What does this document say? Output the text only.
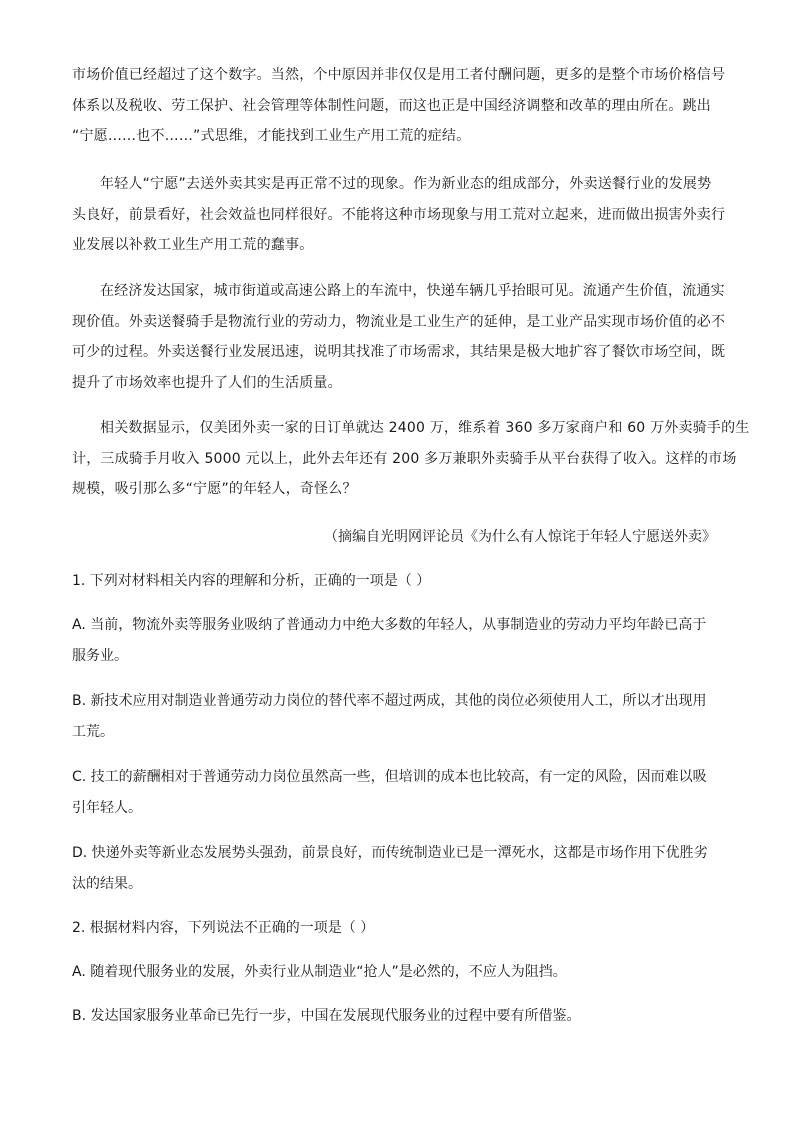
市场价值已经超过了这个数字。当然，个中原因并非仅仅是用工者付酬问题，更多的是整个市场价格信号
体系以及税收、劳工保护、社会管理等体制性问题，而这也正是中国经济调整和改革的理由所在。跳出
“宁愿……也不……”式思维，才能找到工业生产用工荒的症结。

年轻人“宁愿”去送外卖其实是再正常不过的现象。作为新业态的组成部分，外卖送餐行业的发展势
头良好，前景看好，社会效益也同样很好。不能将这种市场现象与用工荒对立起来，进而做出损害外卖行
业发展以补救工业生产用工荒的蠢事。

在经济发达国家，城市街道或高速公路上的车流中，快递车辆几乎抬眼可见。流通产生价值，流通实
现价值。外卖送餐骑手是物流行业的劳动力，物流业是工业生产的延伸，是工业产品实现市场价值的必不
可少的过程。外卖送餐行业发展迅速，说明其找准了市场需求，其结果是极大地扩容了餐饮市场空间，既
提升了市场效率也提升了人们的生活质量。

相关数据显示，仅美团外卖一家的日订单就达 2400 万，维系着 360 多万家商户和 60 万外卖骑手的生
计，三成骑手月收入 5000 元以上，此外去年还有 200 多万兼职外卖骑手从平台获得了收入。这样的市场
规模，吸引那么多“宁愿”的年轻人，奇怪么？

（摘编自光明网评论员《为什么有人惊诧于年轻人宁愿送外卖》

1. 下列对材料相关内容的理解和分析，正确的一项是（ ）

A. 当前，物流外卖等服务业吸纳了普通动力中绝大多数的年轻人，从事制造业的劳动力平均年龄已高于
服务业。

B. 新技术应用对制造业普通劳动力岗位的替代率不超过两成，其他的岗位必须使用人工，所以才出现用
工荒。

C. 技工的薪酬相对于普通劳动力岗位虽然高一些，但培训的成本也比较高，有一定的风险，因而难以吸
引年轻人。

D. 快递外卖等新业态发展势头强劲，前景良好，而传统制造业已是一潭死水，这都是市场作用下优胜劣
汰的结果。

2. 根据材料内容，下列说法不正确的一项是（ ）

A. 随着现代服务业的发展，外卖行业从制造业“抢人”是必然的，不应人为阻挡。

B. 发达国家服务业革命已先行一步，中国在发展现代服务业的过程中要有所借鉴。
